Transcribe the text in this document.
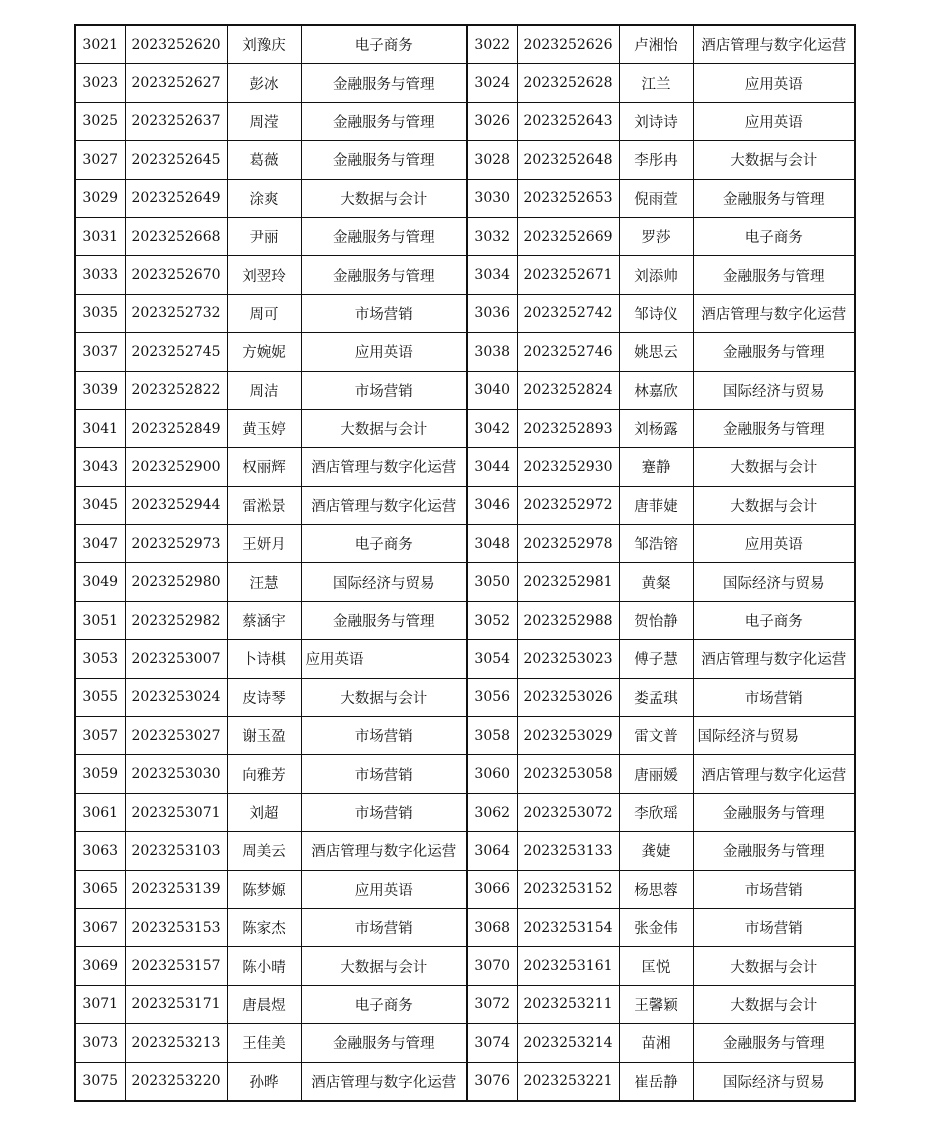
3021	2023252620	刘豫庆	电子商务	3022	2023252626	卢湘怡	酒店管理与数字化运营
3023	2023252627	彭冰	金融服务与管理	3024	2023252628	江兰	应用英语
3025	2023252637	周滢	金融服务与管理	3026	2023252643	刘诗诗	应用英语
3027	2023252645	葛薇	金融服务与管理	3028	2023252648	李彤冉	大数据与会计
3029	2023252649	涂爽	大数据与会计	3030	2023252653	倪雨萱	金融服务与管理
3031	2023252668	尹丽	金融服务与管理	3032	2023252669	罗莎	电子商务
3033	2023252670	刘翌玲	金融服务与管理	3034	2023252671	刘添帅	金融服务与管理
3035	2023252732	周可	市场营销	3036	2023252742	邹诗仪	酒店管理与数字化运营
3037	2023252745	方婉妮	应用英语	3038	2023252746	姚思云	金融服务与管理
3039	2023252822	周洁	市场营销	3040	2023252824	林嘉欣	国际经济与贸易
3041	2023252849	黄玉婷	大数据与会计	3042	2023252893	刘杨露	金融服务与管理
3043	2023252900	权丽辉	酒店管理与数字化运营	3044	2023252930	蹇静	大数据与会计
3045	2023252944	雷淞景	酒店管理与数字化运营	3046	2023252972	唐菲婕	大数据与会计
3047	2023252973	王妍月	电子商务	3048	2023252978	邹浩镕	应用英语
3049	2023252980	汪慧	国际经济与贸易	3050	2023252981	黄粲	国际经济与贸易
3051	2023252982	蔡涵宇	金融服务与管理	3052	2023252988	贺怡静	电子商务
3053	2023253007	卜诗棋	应用英语	3054	2023253023	傅子慧	酒店管理与数字化运营
3055	2023253024	皮诗琴	大数据与会计	3056	2023253026	娄孟琪	市场营销
3057	2023253027	谢玉盈	市场营销	3058	2023253029	雷文普	国际经济与贸易
3059	2023253030	向雅芳	市场营销	3060	2023253058	唐丽媛	酒店管理与数字化运营
3061	2023253071	刘超	市场营销	3062	2023253072	李欣瑶	金融服务与管理
3063	2023253103	周美云	酒店管理与数字化运营	3064	2023253133	龚婕	金融服务与管理
3065	2023253139	陈梦嫄	应用英语	3066	2023253152	杨思蓉	市场营销
3067	2023253153	陈家杰	市场营销	3068	2023253154	张金伟	市场营销
3069	2023253157	陈小晴	大数据与会计	3070	2023253161	匡悦	大数据与会计
3071	2023253171	唐晨煜	电子商务	3072	2023253211	王馨颖	大数据与会计
3073	2023253213	王佳美	金融服务与管理	3074	2023253214	苗湘	金融服务与管理
3075	2023253220	孙晔	酒店管理与数字化运营	3076	2023253221	崔岳静	国际经济与贸易
